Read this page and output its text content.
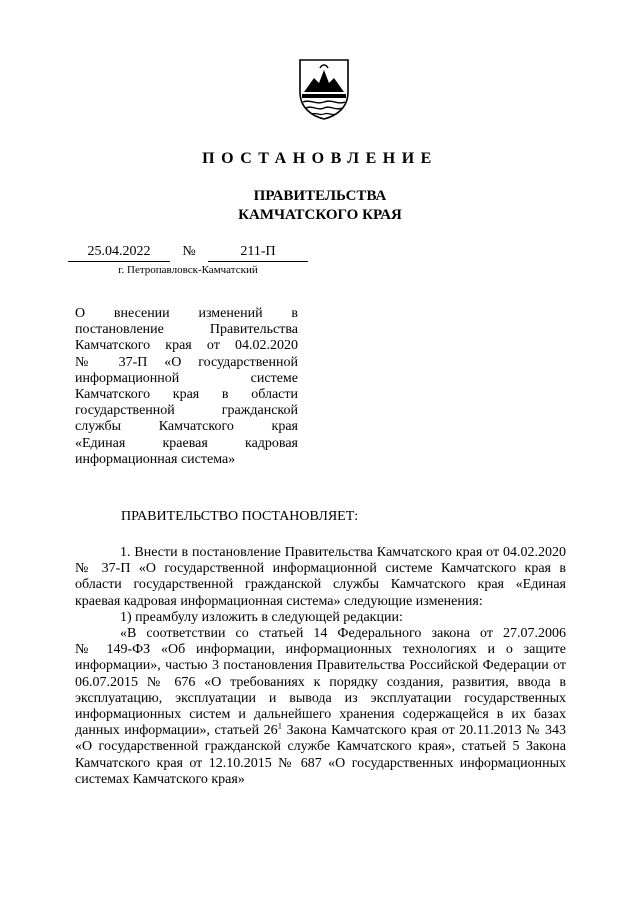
ПОСТАНОВЛЕНИЕ
ПРАВИТЕЛЬСТВА
КАМЧАТСКОГО КРАЯ
25.04.2022	№	211-П
г. Петропавловск-Камчатский
О внесении изменений в
постановление Правительства
Камчатского края от 04.02.2020
№ 37-П «О государственной
информационной системе
Камчатского края в области
государственной гражданской
службы Камчатского края
«Единая краевая кадровая
информационная система»
ПРАВИТЕЛЬСТВО ПОСТАНОВЛЯЕТ:
1. Внести в постановление Правительства Камчатского края от 04.02.2020
№ 37-П «О государственной информационной системе Камчатского края в
области государственной гражданской службы Камчатского края «Единая
краевая кадровая информационная система» следующие изменения:
1) преамбулу изложить в следующей редакции:
«В соответствии со статьей 14 Федерального закона от 27.07.2006
№ 149-ФЗ «Об информации, информационных технологиях и о защите
информации», частью 3 постановления Правительства Российской Федерации от
06.07.2015 № 676 «О требованиях к порядку создания, развития, ввода в
эксплуатацию, эксплуатации и вывода из эксплуатации государственных
информационных систем и дальнейшего хранения содержащейся в их базах
данных информации», статьей $26^1$ Закона Камчатского края от 20.11.2013 № 343
«О государственной гражданской службе Камчатского края», статьей 5 Закона
Камчатского края от 12.10.2015 № 687 «О государственных информационных
системах Камчатского края»
